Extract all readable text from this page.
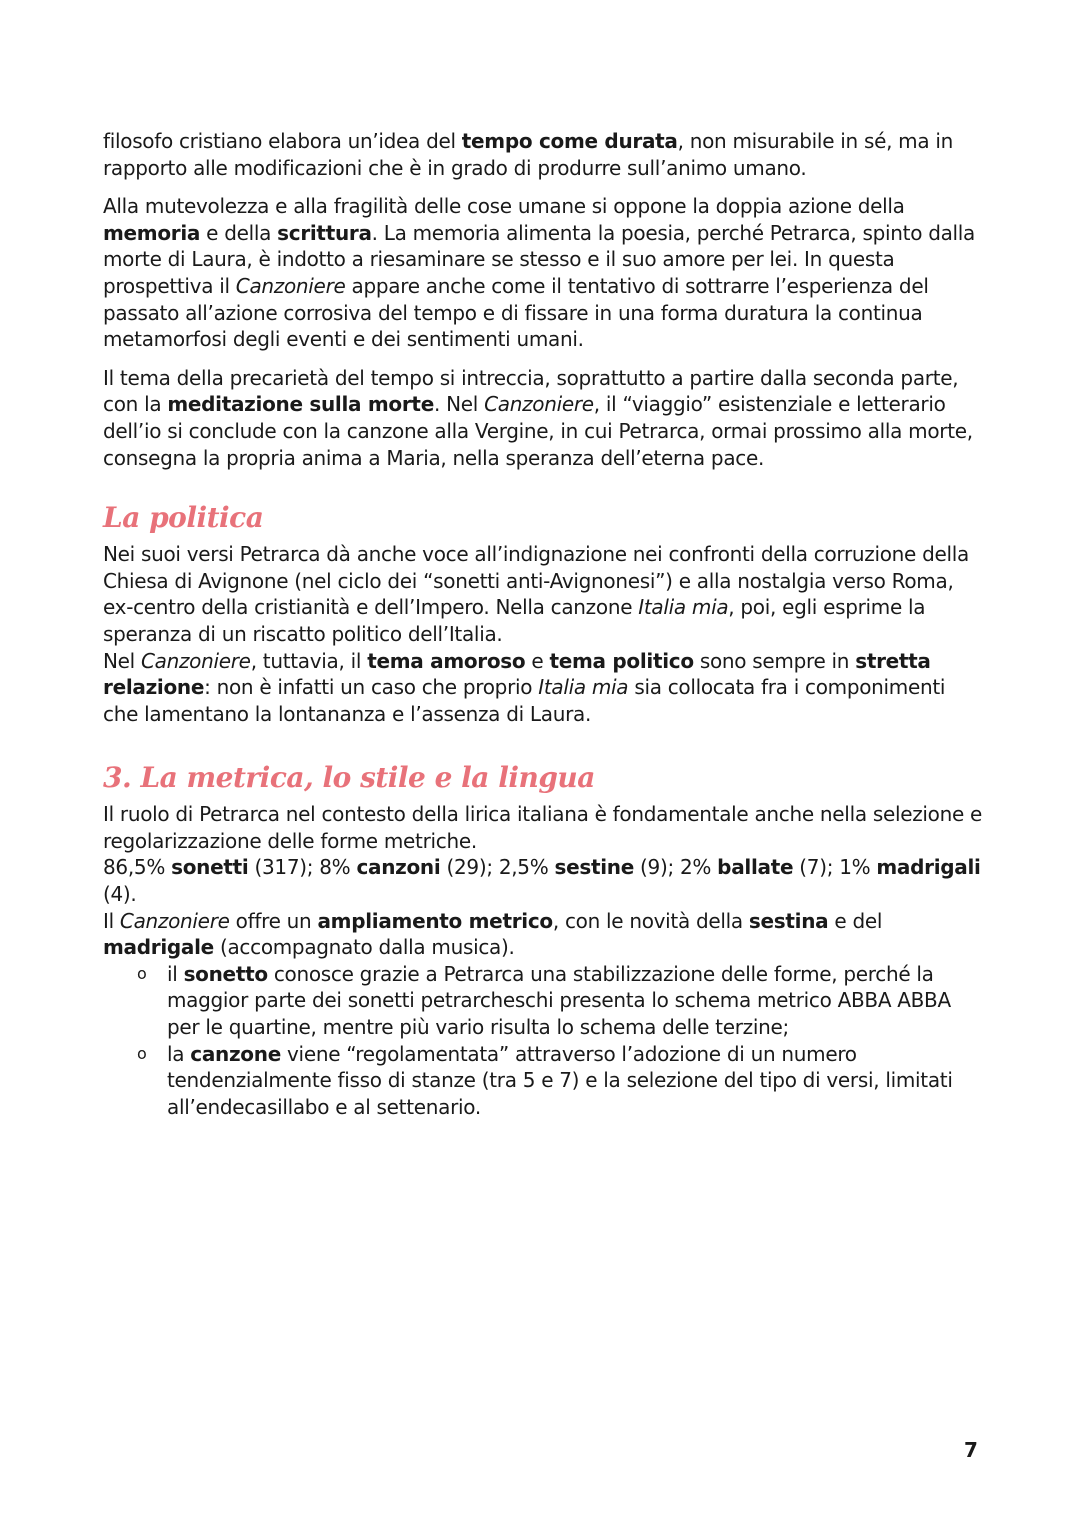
filosofo cristiano elabora un’idea del tempo come durata, non misurabile in sé, ma in rapporto alle modificazioni che è in grado di produrre sull’animo umano.

Alla mutevolezza e alla fragilità delle cose umane si oppone la doppia azione della memoria e della scrittura. La memoria alimenta la poesia, perché Petrarca, spinto dalla morte di Laura, è indotto a riesaminare se stesso e il suo amore per lei. In questa prospettiva il Canzoniere appare anche come il tentativo di sottrarre l’esperienza del passato all’azione corrosiva del tempo e di fissare in una forma duratura la continua metamorfosi degli eventi e dei sentimenti umani.

Il tema della precarietà del tempo si intreccia, soprattutto a partire dalla seconda parte, con la meditazione sulla morte. Nel Canzoniere, il “viaggio” esistenziale e letterario dell’io si conclude con la canzone alla Vergine, in cui Petrarca, ormai prossimo alla morte, consegna la propria anima a Maria, nella speranza dell’eterna pace.

La politica

Nei suoi versi Petrarca dà anche voce all’indignazione nei confronti della corruzione della Chiesa di Avignone (nel ciclo dei “sonetti anti-Avignonesi”) e alla nostalgia verso Roma, ex-centro della cristianità e dell’Impero. Nella canzone Italia mia, poi, egli esprime la speranza di un riscatto politico dell’Italia.

Nel Canzoniere, tuttavia, il tema amoroso e tema politico sono sempre in stretta relazione: non è infatti un caso che proprio Italia mia sia collocata fra i componimenti che lamentano la lontananza e l’assenza di Laura.

3. La metrica, lo stile e la lingua

Il ruolo di Petrarca nel contesto della lirica italiana è fondamentale anche nella selezione e regolarizzazione delle forme metriche.

86,5% sonetti (317); 8% canzoni (29); 2,5% sestine (9); 2% ballate (7); 1% madrigali (4).

Il Canzoniere offre un ampliamento metrico, con le novità della sestina e del madrigale (accompagnato dalla musica).

o il sonetto conosce grazie a Petrarca una stabilizzazione delle forme, perché la maggior parte dei sonetti petrarcheschi presenta lo schema metrico ABBA ABBA per le quartine, mentre più vario risulta lo schema delle terzine;
o la canzone viene “regolamentata” attraverso l’adozione di un numero tendenzialmente fisso di stanze (tra 5 e 7) e la selezione del tipo di versi, limitati all’endecasillabo e al settenario.
7
